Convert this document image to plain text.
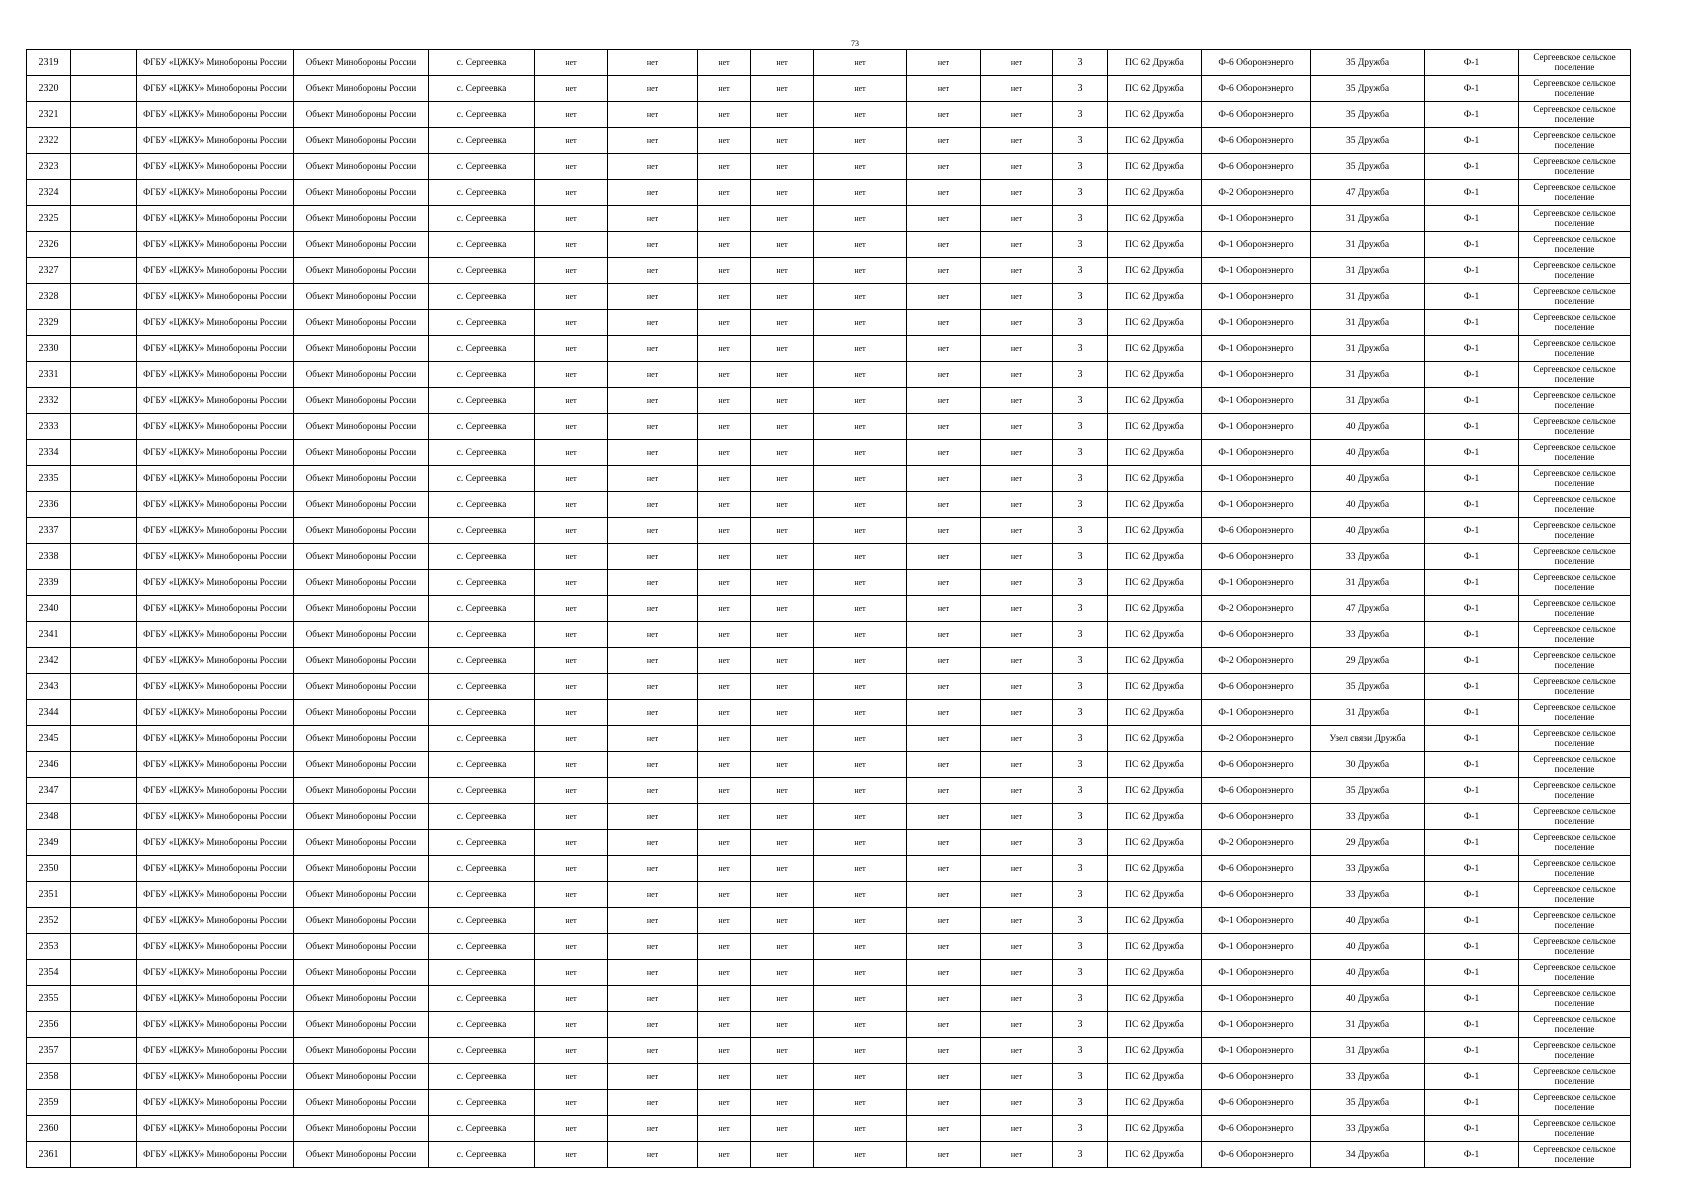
73
2319		ФГБУ «ЦЖКУ» Минобороны России	Объект Минобороны России	с. Сергеевка	нет	нет	нет	нет	нет	нет	нет	3	ПС 62 Дружба	Ф-6 Оборонэнерго	35 Дружба	Ф-1	Сергеевское сельское поселение
2320		ФГБУ «ЦЖКУ» Минобороны России	Объект Минобороны России	с. Сергеевка	нет	нет	нет	нет	нет	нет	нет	3	ПС 62 Дружба	Ф-6 Оборонэнерго	35 Дружба	Ф-1	Сергеевское сельское поселение
2321		ФГБУ «ЦЖКУ» Минобороны России	Объект Минобороны России	с. Сергеевка	нет	нет	нет	нет	нет	нет	нет	3	ПС 62 Дружба	Ф-6 Оборонэнерго	35 Дружба	Ф-1	Сергеевское сельское поселение
2322		ФГБУ «ЦЖКУ» Минобороны России	Объект Минобороны России	с. Сергеевка	нет	нет	нет	нет	нет	нет	нет	3	ПС 62 Дружба	Ф-6 Оборонэнерго	35 Дружба	Ф-1	Сергеевское сельское поселение
2323		ФГБУ «ЦЖКУ» Минобороны России	Объект Минобороны России	с. Сергеевка	нет	нет	нет	нет	нет	нет	нет	3	ПС 62 Дружба	Ф-6 Оборонэнерго	35 Дружба	Ф-1	Сергеевское сельское поселение
2324		ФГБУ «ЦЖКУ» Минобороны России	Объект Минобороны России	с. Сергеевка	нет	нет	нет	нет	нет	нет	нет	3	ПС 62 Дружба	Ф-2 Оборонэнерго	47 Дружба	Ф-1	Сергеевское сельское поселение
2325		ФГБУ «ЦЖКУ» Минобороны России	Объект Минобороны России	с. Сергеевка	нет	нет	нет	нет	нет	нет	нет	3	ПС 62 Дружба	Ф-1 Оборонэнерго	31 Дружба	Ф-1	Сергеевское сельское поселение
2326		ФГБУ «ЦЖКУ» Минобороны России	Объект Минобороны России	с. Сергеевка	нет	нет	нет	нет	нет	нет	нет	3	ПС 62 Дружба	Ф-1 Оборонэнерго	31 Дружба	Ф-1	Сергеевское сельское поселение
2327		ФГБУ «ЦЖКУ» Минобороны России	Объект Минобороны России	с. Сергеевка	нет	нет	нет	нет	нет	нет	нет	3	ПС 62 Дружба	Ф-1 Оборонэнерго	31 Дружба	Ф-1	Сергеевское сельское поселение
2328		ФГБУ «ЦЖКУ» Минобороны России	Объект Минобороны России	с. Сергеевка	нет	нет	нет	нет	нет	нет	нет	3	ПС 62 Дружба	Ф-1 Оборонэнерго	31 Дружба	Ф-1	Сергеевское сельское поселение
2329		ФГБУ «ЦЖКУ» Минобороны России	Объект Минобороны России	с. Сергеевка	нет	нет	нет	нет	нет	нет	нет	3	ПС 62 Дружба	Ф-1 Оборонэнерго	31 Дружба	Ф-1	Сергеевское сельское поселение
2330		ФГБУ «ЦЖКУ» Минобороны России	Объект Минобороны России	с. Сергеевка	нет	нет	нет	нет	нет	нет	нет	3	ПС 62 Дружба	Ф-1 Оборонэнерго	31 Дружба	Ф-1	Сергеевское сельское поселение
2331		ФГБУ «ЦЖКУ» Минобороны России	Объект Минобороны России	с. Сергеевка	нет	нет	нет	нет	нет	нет	нет	3	ПС 62 Дружба	Ф-1 Оборонэнерго	31 Дружба	Ф-1	Сергеевское сельское поселение
2332		ФГБУ «ЦЖКУ» Минобороны России	Объект Минобороны России	с. Сергеевка	нет	нет	нет	нет	нет	нет	нет	3	ПС 62 Дружба	Ф-1 Оборонэнерго	31 Дружба	Ф-1	Сергеевское сельское поселение
2333		ФГБУ «ЦЖКУ» Минобороны России	Объект Минобороны России	с. Сергеевка	нет	нет	нет	нет	нет	нет	нет	3	ПС 62 Дружба	Ф-1 Оборонэнерго	40 Дружба	Ф-1	Сергеевское сельское поселение
2334		ФГБУ «ЦЖКУ» Минобороны России	Объект Минобороны России	с. Сергеевка	нет	нет	нет	нет	нет	нет	нет	3	ПС 62 Дружба	Ф-1 Оборонэнерго	40 Дружба	Ф-1	Сергеевское сельское поселение
2335		ФГБУ «ЦЖКУ» Минобороны России	Объект Минобороны России	с. Сергеевка	нет	нет	нет	нет	нет	нет	нет	3	ПС 62 Дружба	Ф-1 Оборонэнерго	40 Дружба	Ф-1	Сергеевское сельское поселение
2336		ФГБУ «ЦЖКУ» Минобороны России	Объект Минобороны России	с. Сергеевка	нет	нет	нет	нет	нет	нет	нет	3	ПС 62 Дружба	Ф-1 Оборонэнерго	40 Дружба	Ф-1	Сергеевское сельское поселение
2337		ФГБУ «ЦЖКУ» Минобороны России	Объект Минобороны России	с. Сергеевка	нет	нет	нет	нет	нет	нет	нет	3	ПС 62 Дружба	Ф-6 Оборонэнерго	40 Дружба	Ф-1	Сергеевское сельское поселение
2338		ФГБУ «ЦЖКУ» Минобороны России	Объект Минобороны России	с. Сергеевка	нет	нет	нет	нет	нет	нет	нет	3	ПС 62 Дружба	Ф-6 Оборонэнерго	33 Дружба	Ф-1	Сергеевское сельское поселение
2339		ФГБУ «ЦЖКУ» Минобороны России	Объект Минобороны России	с. Сергеевка	нет	нет	нет	нет	нет	нет	нет	3	ПС 62 Дружба	Ф-1 Оборонэнерго	31 Дружба	Ф-1	Сергеевское сельское поселение
2340		ФГБУ «ЦЖКУ» Минобороны России	Объект Минобороны России	с. Сергеевка	нет	нет	нет	нет	нет	нет	нет	3	ПС 62 Дружба	Ф-2 Оборонэнерго	47 Дружба	Ф-1	Сергеевское сельское поселение
2341		ФГБУ «ЦЖКУ» Минобороны России	Объект Минобороны России	с. Сергеевка	нет	нет	нет	нет	нет	нет	нет	3	ПС 62 Дружба	Ф-6 Оборонэнерго	33 Дружба	Ф-1	Сергеевское сельское поселение
2342		ФГБУ «ЦЖКУ» Минобороны России	Объект Минобороны России	с. Сергеевка	нет	нет	нет	нет	нет	нет	нет	3	ПС 62 Дружба	Ф-2 Оборонэнерго	29 Дружба	Ф-1	Сергеевское сельское поселение
2343		ФГБУ «ЦЖКУ» Минобороны России	Объект Минобороны России	с. Сергеевка	нет	нет	нет	нет	нет	нет	нет	3	ПС 62 Дружба	Ф-6 Оборонэнерго	35 Дружба	Ф-1	Сергеевское сельское поселение
2344		ФГБУ «ЦЖКУ» Минобороны России	Объект Минобороны России	с. Сергеевка	нет	нет	нет	нет	нет	нет	нет	3	ПС 62 Дружба	Ф-1 Оборонэнерго	31 Дружба	Ф-1	Сергеевское сельское поселение
2345		ФГБУ «ЦЖКУ» Минобороны России	Объект Минобороны России	с. Сергеевка	нет	нет	нет	нет	нет	нет	нет	3	ПС 62 Дружба	Ф-2 Оборонэнерго	Узел связи Дружба	Ф-1	Сергеевское сельское поселение
2346		ФГБУ «ЦЖКУ» Минобороны России	Объект Минобороны России	с. Сергеевка	нет	нет	нет	нет	нет	нет	нет	3	ПС 62 Дружба	Ф-6 Оборонэнерго	30 Дружба	Ф-1	Сергеевское сельское поселение
2347		ФГБУ «ЦЖКУ» Минобороны России	Объект Минобороны России	с. Сергеевка	нет	нет	нет	нет	нет	нет	нет	3	ПС 62 Дружба	Ф-6 Оборонэнерго	35 Дружба	Ф-1	Сергеевское сельское поселение
2348		ФГБУ «ЦЖКУ» Минобороны России	Объект Минобороны России	с. Сергеевка	нет	нет	нет	нет	нет	нет	нет	3	ПС 62 Дружба	Ф-6 Оборонэнерго	33 Дружба	Ф-1	Сергеевское сельское поселение
2349		ФГБУ «ЦЖКУ» Минобороны России	Объект Минобороны России	с. Сергеевка	нет	нет	нет	нет	нет	нет	нет	3	ПС 62 Дружба	Ф-2 Оборонэнерго	29 Дружба	Ф-1	Сергеевское сельское поселение
2350		ФГБУ «ЦЖКУ» Минобороны России	Объект Минобороны России	с. Сергеевка	нет	нет	нет	нет	нет	нет	нет	3	ПС 62 Дружба	Ф-6 Оборонэнерго	33 Дружба	Ф-1	Сергеевское сельское поселение
2351		ФГБУ «ЦЖКУ» Минобороны России	Объект Минобороны России	с. Сергеевка	нет	нет	нет	нет	нет	нет	нет	3	ПС 62 Дружба	Ф-6 Оборонэнерго	33 Дружба	Ф-1	Сергеевское сельское поселение
2352		ФГБУ «ЦЖКУ» Минобороны России	Объект Минобороны России	с. Сергеевка	нет	нет	нет	нет	нет	нет	нет	3	ПС 62 Дружба	Ф-1 Оборонэнерго	40 Дружба	Ф-1	Сергеевское сельское поселение
2353		ФГБУ «ЦЖКУ» Минобороны России	Объект Минобороны России	с. Сергеевка	нет	нет	нет	нет	нет	нет	нет	3	ПС 62 Дружба	Ф-1 Оборонэнерго	40 Дружба	Ф-1	Сергеевское сельское поселение
2354		ФГБУ «ЦЖКУ» Минобороны России	Объект Минобороны России	с. Сергеевка	нет	нет	нет	нет	нет	нет	нет	3	ПС 62 Дружба	Ф-1 Оборонэнерго	40 Дружба	Ф-1	Сергеевское сельское поселение
2355		ФГБУ «ЦЖКУ» Минобороны России	Объект Минобороны России	с. Сергеевка	нет	нет	нет	нет	нет	нет	нет	3	ПС 62 Дружба	Ф-1 Оборонэнерго	40 Дружба	Ф-1	Сергеевское сельское поселение
2356		ФГБУ «ЦЖКУ» Минобороны России	Объект Минобороны России	с. Сергеевка	нет	нет	нет	нет	нет	нет	нет	3	ПС 62 Дружба	Ф-1 Оборонэнерго	31 Дружба	Ф-1	Сергеевское сельское поселение
2357		ФГБУ «ЦЖКУ» Минобороны России	Объект Минобороны России	с. Сергеевка	нет	нет	нет	нет	нет	нет	нет	3	ПС 62 Дружба	Ф-1 Оборонэнерго	31 Дружба	Ф-1	Сергеевское сельское поселение
2358		ФГБУ «ЦЖКУ» Минобороны России	Объект Минобороны России	с. Сергеевка	нет	нет	нет	нет	нет	нет	нет	3	ПС 62 Дружба	Ф-6 Оборонэнерго	33 Дружба	Ф-1	Сергеевское сельское поселение
2359		ФГБУ «ЦЖКУ» Минобороны России	Объект Минобороны России	с. Сергеевка	нет	нет	нет	нет	нет	нет	нет	3	ПС 62 Дружба	Ф-6 Оборонэнерго	35 Дружба	Ф-1	Сергеевское сельское поселение
2360		ФГБУ «ЦЖКУ» Минобороны России	Объект Минобороны России	с. Сергеевка	нет	нет	нет	нет	нет	нет	нет	3	ПС 62 Дружба	Ф-6 Оборонэнерго	33 Дружба	Ф-1	Сергеевское сельское поселение
2361		ФГБУ «ЦЖКУ» Минобороны России	Объект Минобороны России	с. Сергеевка	нет	нет	нет	нет	нет	нет	нет	3	ПС 62 Дружба	Ф-6 Оборонэнерго	34 Дружба	Ф-1	Сергеевское сельское поселение
